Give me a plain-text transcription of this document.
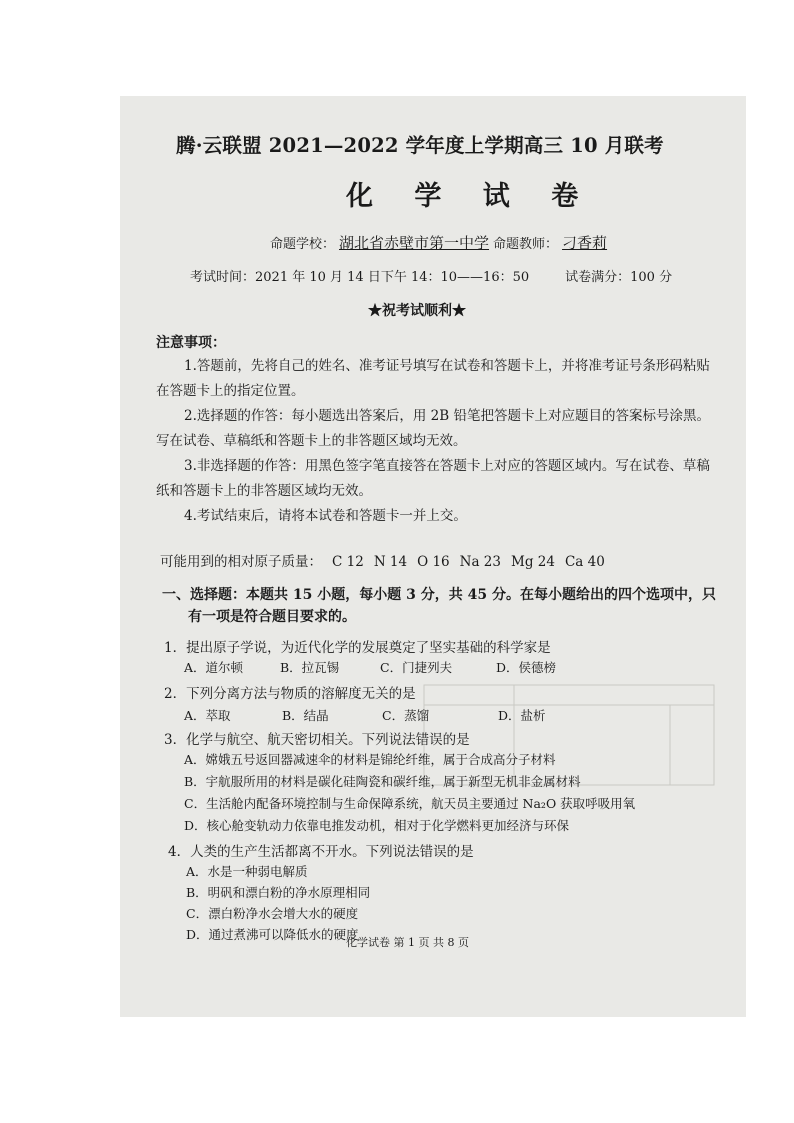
腾·云联盟 2021—2022 学年度上学期高三 10 月联考
化 学 试 卷
命题学校： 湖北省赤壁市第一中学 命题教师： 刁香莉
考试时间：2021 年 10 月 14 日下午 14：10——16：50	试卷满分：100 分
★祝考试顺利★
注意事项：
1.答题前，先将自己的姓名、准考证号填写在试卷和答题卡上，并将准考证号条形码粘贴在答题卡上的指定位置。
2.选择题的作答：每小题选出答案后，用 2B 铅笔把答题卡上对应题目的答案标号涂黑。写在试卷、草稿纸和答题卡上的非答题区域均无效。
3.非选择题的作答：用黑色签字笔直接答在答题卡上对应的答题区域内。写在试卷、草稿纸和答题卡上的非答题区域均无效。
4.考试结束后，请将本试卷和答题卡一并上交。
可能用到的相对原子质量： C 12 N 14 O 16 Na 23 Mg 24 Ca 40
一、选择题：本题共 15 小题，每小题 3 分，共 45 分。在每小题给出的四个选项中，只
有一项是符合题目要求的。
1．提出原子学说，为近代化学的发展奠定了坚实基础的科学家是
A．道尔顿	B．拉瓦锡	C．门捷列夫	D．侯德榜
2．下列分离方法与物质的溶解度无关的是
A．萃取	B．结晶	C．蒸馏	D．盐析
3．化学与航空、航天密切相关。下列说法错误的是
A．嫦娥五号返回器减速伞的材料是锦纶纤维，属于合成高分子材料
B．宇航服所用的材料是碳化硅陶瓷和碳纤维，属于新型无机非金属材料
C．生活舱内配备环境控制与生命保障系统，航天员主要通过 Na₂O 获取呼吸用氧
D．核心舱变轨动力依靠电推发动机，相对于化学燃料更加经济与环保
4．人类的生产生活都离不开水。下列说法错误的是
A．水是一种弱电解质
B．明矾和漂白粉的净水原理相同
C．漂白粉净水会增大水的硬度
D．通过煮沸可以降低水的硬度
化学试卷 第 1 页 共 8 页
